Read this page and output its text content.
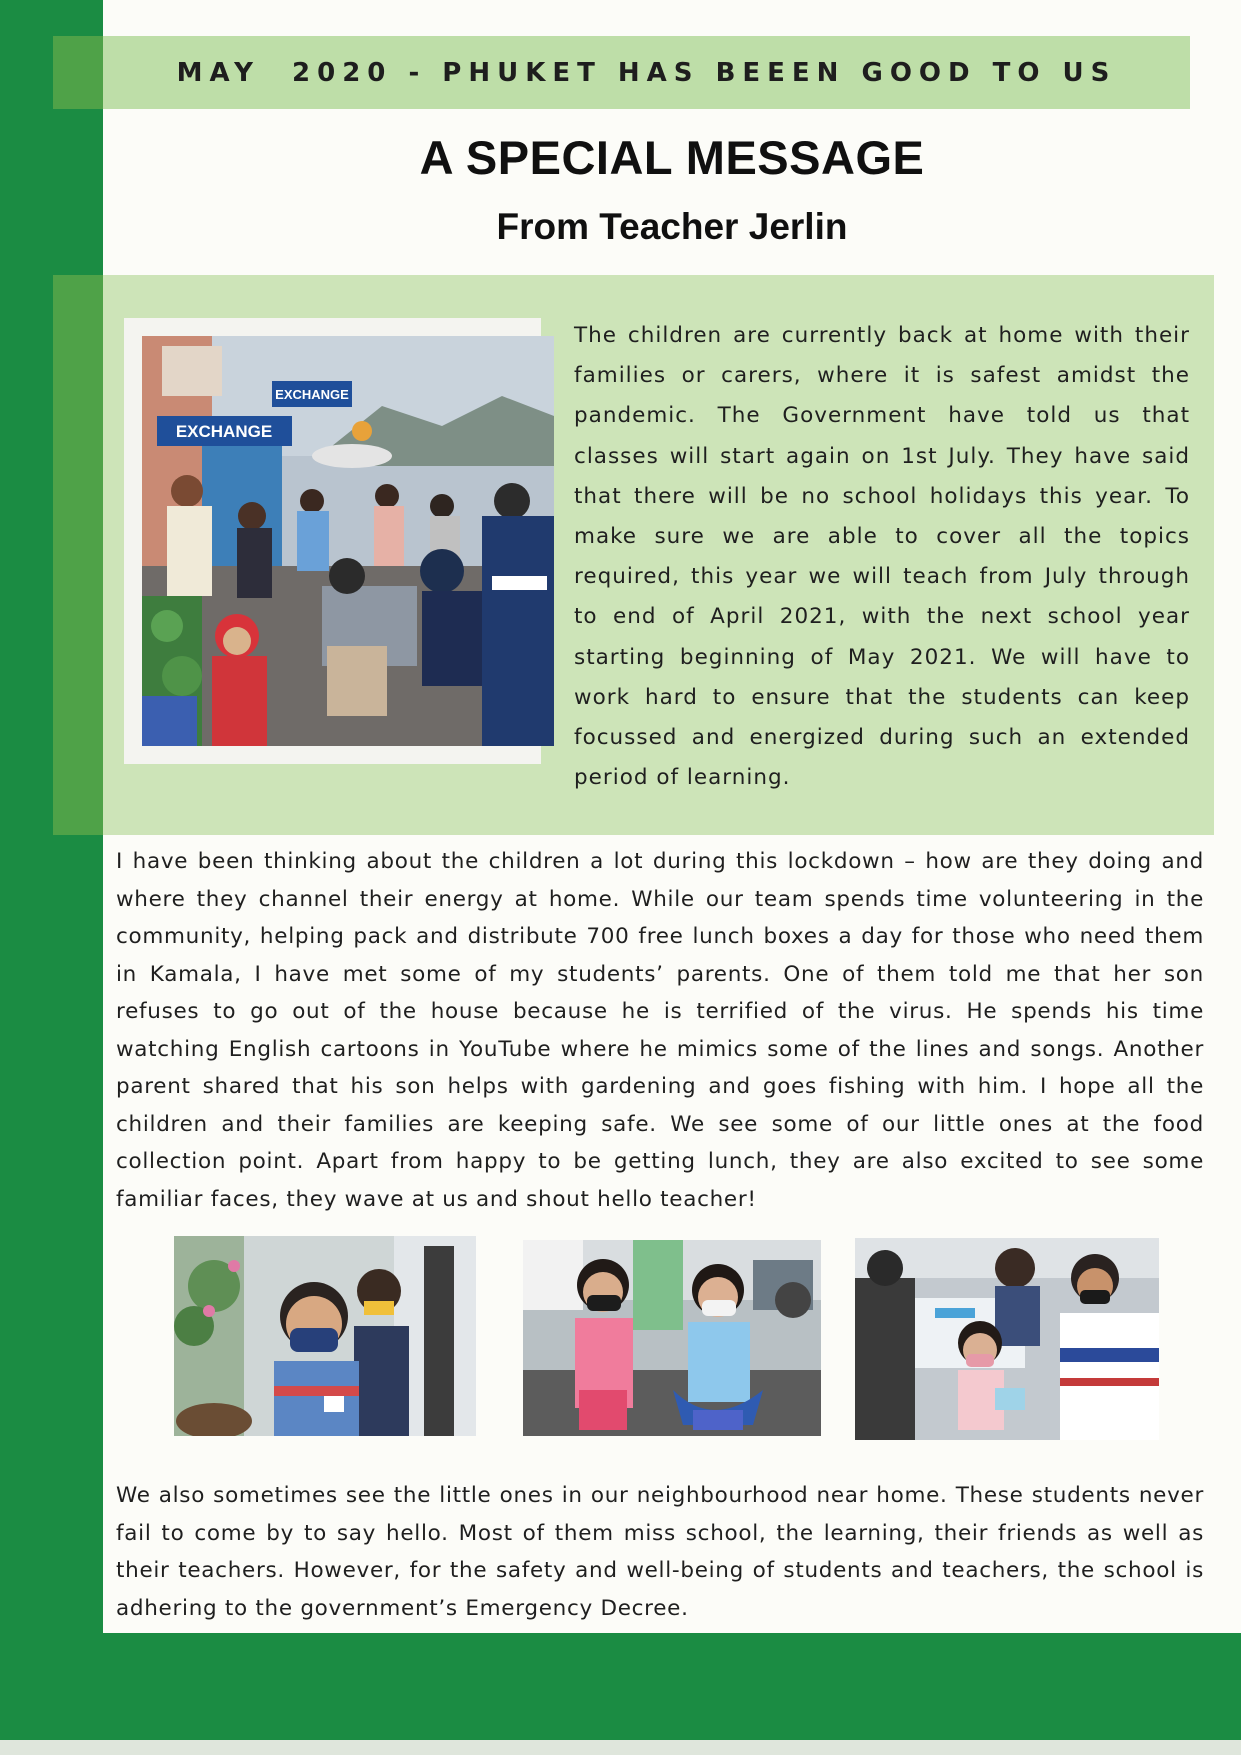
MAY  2020 - PHUKET HAS BEEEN GOOD TO US
A SPECIAL MESSAGE
From Teacher Jerlin
EXCHANGE
EXCHANGE

The children are currently back at home with their families or carers, where it is safest amidst the pandemic. The Government have told us that classes will start again on 1st July. They have said that there will be no school holidays this year. To make sure we are able to cover all the topics required, this year we will teach from July through to end of April 2021, with the next school year starting beginning of May 2021. We will have to work hard to ensure that the students can keep focussed and energized during such an extended period of learning.

I have been thinking about the children a lot during this lockdown – how are they doing and where they channel their energy at home. While our team spends time volunteering in the community, helping pack and distribute 700 free lunch boxes a day for those who need them in Kamala, I have met some of my students’ parents. One of them told me that her son refuses to go out of the house because he is terrified of the virus. He spends his time watching English cartoons in YouTube where he mimics some of the lines and songs. Another parent shared that his son helps with gardening and goes fishing with him. I hope all the children and their families are keeping safe. We see some of our little ones at the food collection point. Apart from happy to be getting lunch, they are also excited to see some familiar faces, they wave at us and shout hello teacher!

We also sometimes see the little ones in our neighbourhood near home. These students never fail to come by to say hello. Most of them miss school, the learning, their friends as well as their teachers. However, for the safety and well-being of students and teachers, the school is adhering to the government’s Emergency Decree.
